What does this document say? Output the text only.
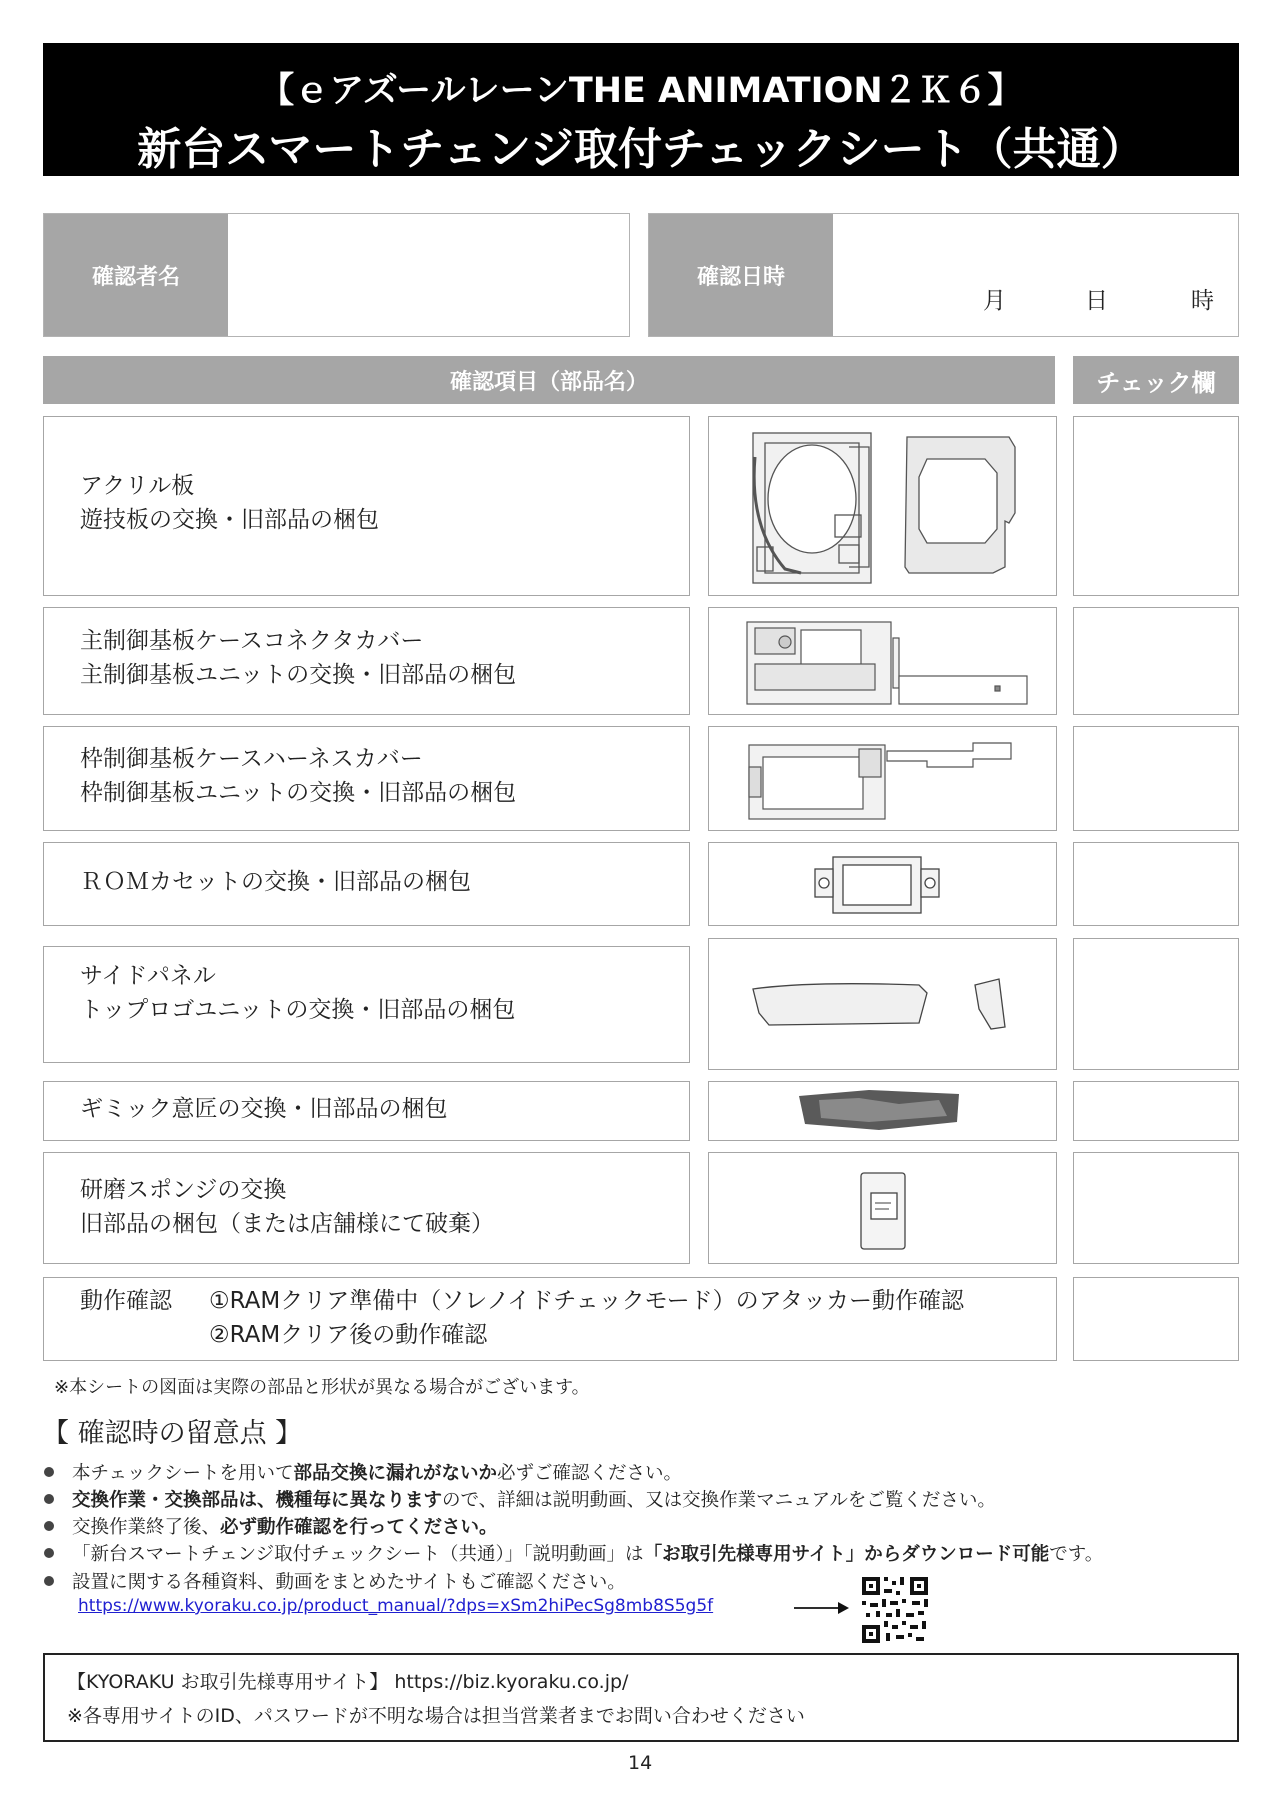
【ｅアズールレーンTHE ANIMATION２Ｋ６】
新台スマートチェンジ取付チェックシート（共通）
確認者名	確認日時
月	日	時
確認項目（部品名）	チェック欄
アクリル板
遊技板の交換・旧部品の梱包
主制御基板ケースコネクタカバー
主制御基板ユニットの交換・旧部品の梱包
枠制御基板ケースハーネスカバー
枠制御基板ユニットの交換・旧部品の梱包
ＲＯＭカセットの交換・旧部品の梱包
サイドパネル
トップロゴユニットの交換・旧部品の梱包
ギミック意匠の交換・旧部品の梱包
研磨スポンジの交換
旧部品の梱包（または店舗様にて破棄）
動作確認 ①RAMクリア準備中（ソレノイドチェックモード）のアタッカー動作確認
②RAMクリア後の動作確認
※本シートの図面は実際の部品と形状が異なる場合がございます。
【 確認時の留意点 】
本チェックシートを用いて部品交換に漏れがないか必ずご確認ください。
交換作業・交換部品は、機種毎に異なりますので、詳細は説明動画、又は交換作業マニュアルをご覧ください。
交換作業終了後、必ず動作確認を行ってください。
「新台スマートチェンジ取付チェックシート（共通）」「説明動画」は「お取引先様専用サイト」からダウンロード可能です。
設置に関する各種資料、動画をまとめたサイトもご確認ください。
https://www.kyoraku.co.jp/product_manual/?dps=xSm2hiPecSg8mb8S5g5f
【KYORAKU お取引先様専用サイト】 https://biz.kyoraku.co.jp/
※各専用サイトのID、パスワードが不明な場合は担当営業者までお問い合わせください
14
